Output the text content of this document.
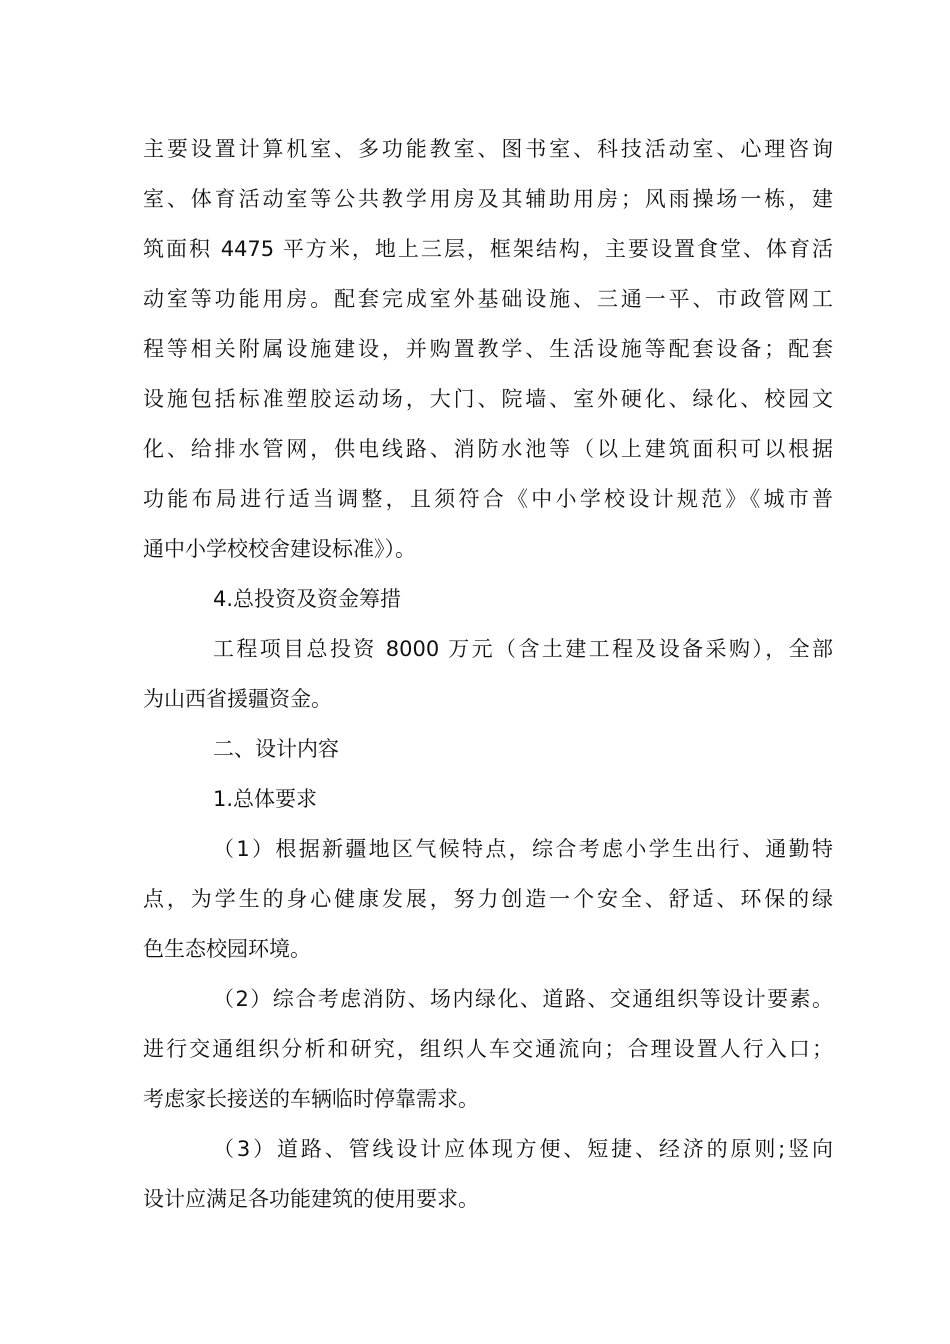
主要设置计算机室、多功能教室、图书室、科技活动室、心理咨询
室、体育活动室等公共教学用房及其辅助用房；风雨操场一栋，建
筑面积 4475 平方米，地上三层，框架结构，主要设置食堂、体育活
动室等功能用房。配套完成室外基础设施、三通一平、市政管网工
程等相关附属设施建设，并购置教学、生活设施等配套设备；配套
设施包括标准塑胶运动场，大门、院墙、室外硬化、绿化、校园文
化、给排水管网，供电线路、消防水池等（以上建筑面积可以根据
功能布局进行适当调整，且须符合《中小学校设计规范》《城市普
通中小学校校舍建设标准》）。
4.总投资及资金筹措
工程项目总投资 8000 万元（含土建工程及设备采购），全部
为山西省援疆资金。
二、设计内容
1.总体要求
（1）根据新疆地区气候特点，综合考虑小学生出行、通勤特
点，为学生的身心健康发展，努力创造一个安全、舒适、环保的绿
色生态校园环境。
（2）综合考虑消防、场内绿化、道路、交通组织等设计要素。
进行交通组织分析和研究，组织人车交通流向；合理设置人行入口；
考虑家长接送的车辆临时停靠需求。
（3）道路、管线设计应体现方便、短捷、经济的原则;竖向
设计应满足各功能建筑的使用要求。
